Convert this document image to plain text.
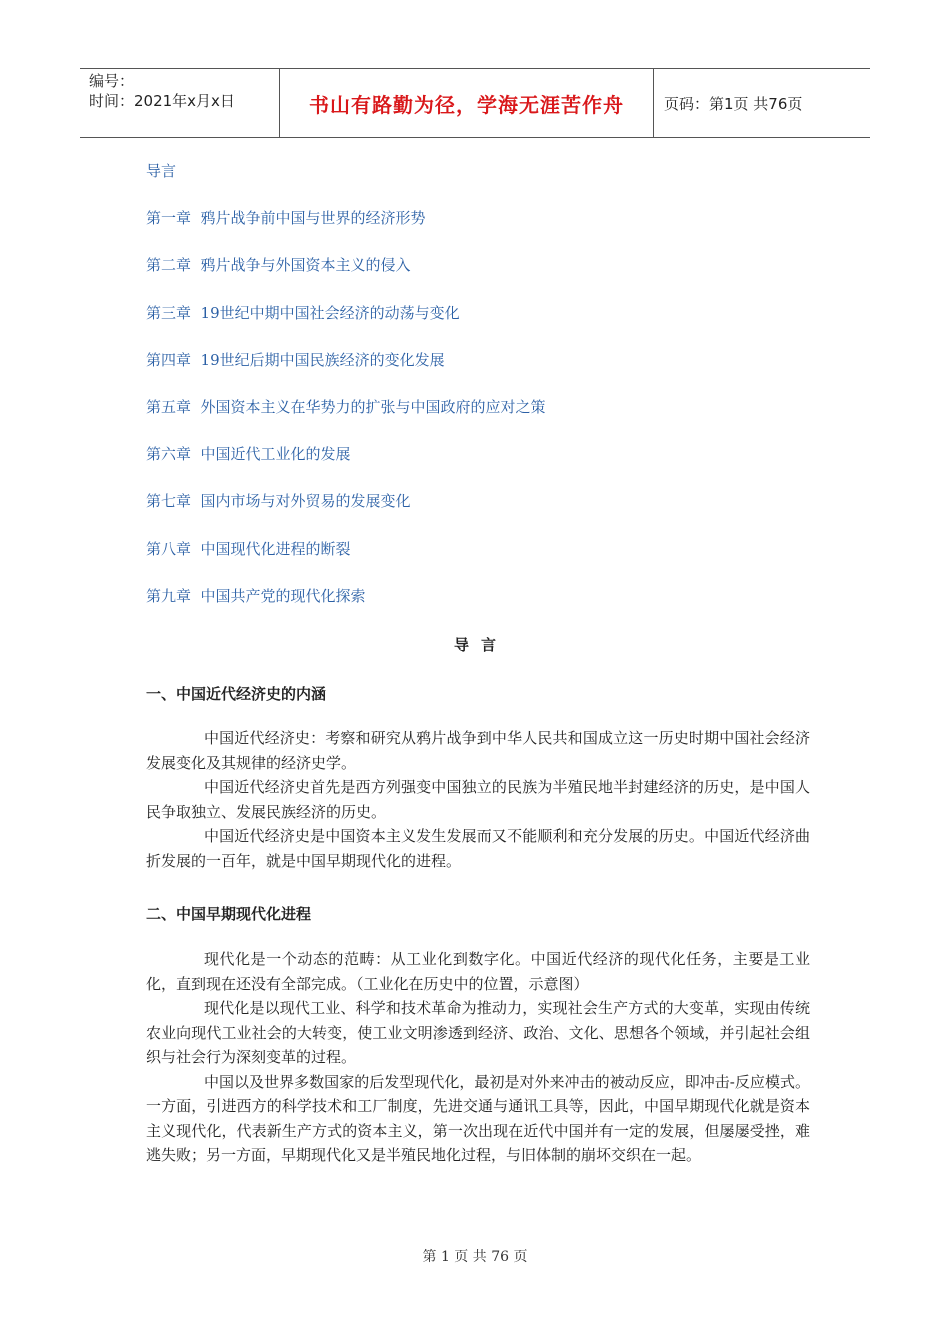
编号：
时间：2021年x月x日	书山有路勤为径，学海无涯苦作舟	页码：第1页 共76页
导言
第一章  鸦片战争前中国与世界的经济形势
第二章  鸦片战争与外国资本主义的侵入
第三章  19世纪中期中国社会经济的动荡与变化
第四章  19世纪后期中国民族经济的变化发展
第五章  外国资本主义在华势力的扩张与中国政府的应对之策
第六章  中国近代工业化的发展
第七章  国内市场与对外贸易的发展变化
第八章  中国现代化进程的断裂
第九章  中国共产党的现代化探索
导言
一、中国近代经济史的内涵

中国近代经济史：考察和研究从鸦片战争到中华人民共和国成立这一历史时期中国社会经济发展变化及其规律的经济史学。

中国近代经济史首先是西方列强变中国独立的民族为半殖民地半封建经济的历史，是中国人民争取独立、发展民族经济的历史。

中国近代经济史是中国资本主义发生发展而又不能顺利和充分发展的历史。中国近代经济曲折发展的一百年，就是中国早期现代化的进程。

二、中国早期现代化进程

现代化是一个动态的范畴：从工业化到数字化。中国近代经济的现代化任务，主要是工业化，直到现在还没有全部完成。（工业化在历史中的位置，示意图）

现代化是以现代工业、科学和技术革命为推动力，实现社会生产方式的大变革，实现由传统农业向现代工业社会的大转变，使工业文明渗透到经济、政治、文化、思想各个领域，并引起社会组织与社会行为深刻变革的过程。

中国以及世界多数国家的后发型现代化，最初是对外来冲击的被动反应，即冲击-反应模式。一方面，引进西方的科学技术和工厂制度，先进交通与通讯工具等，因此，中国早期现代化就是资本主义现代化，代表新生产方式的资本主义，第一次出现在近代中国并有一定的发展，但屡屡受挫，难逃失败；另一方面，早期现代化又是半殖民地化过程，与旧体制的崩坏交织在一起。

第 1 页 共 76 页
